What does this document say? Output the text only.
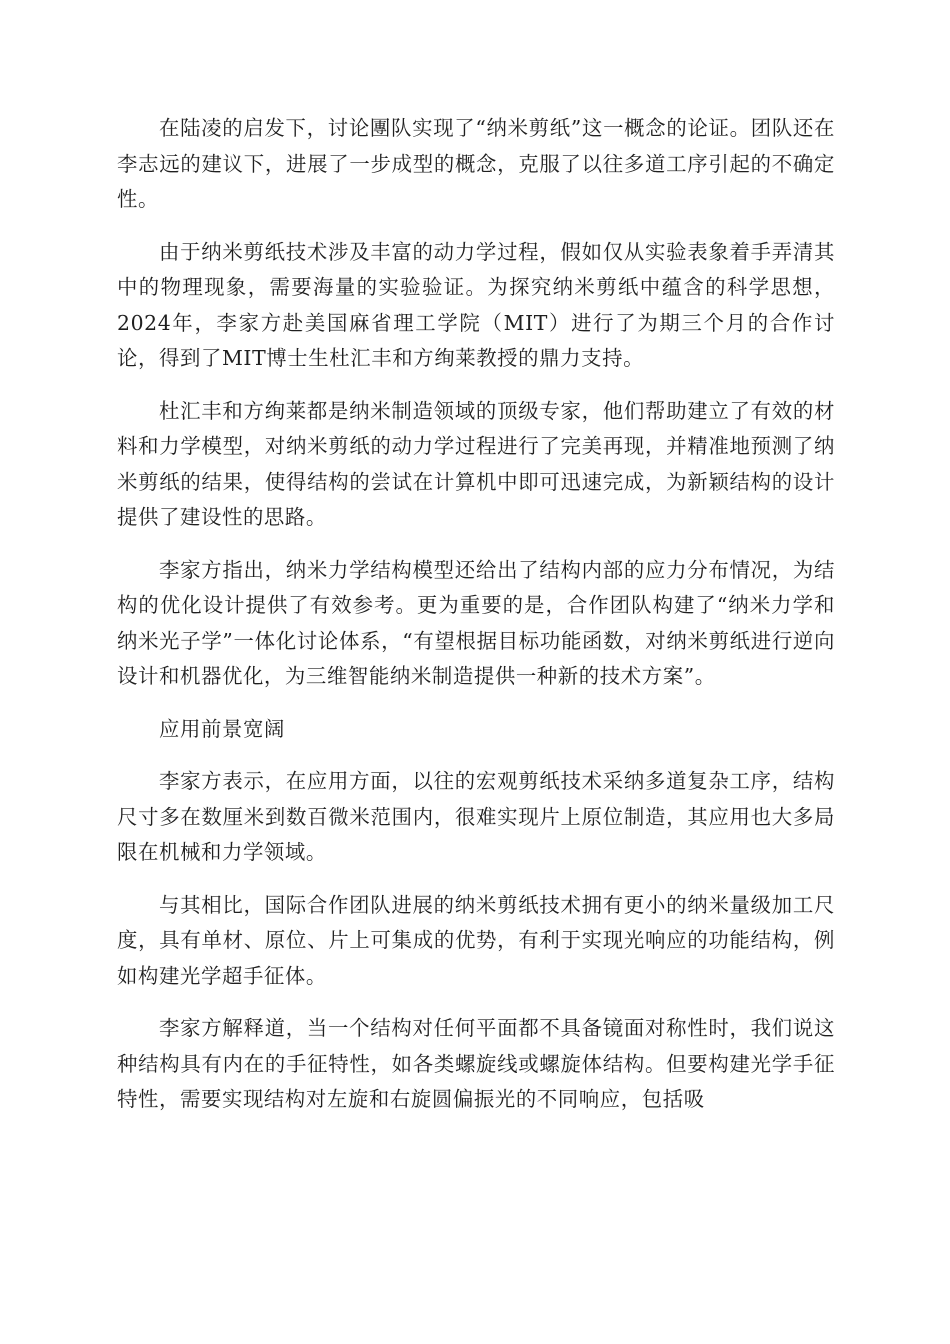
在陆凌的启发下，讨论團队实现了“纳米剪纸”这一概念的论证。团队还在李志远的建议下，进展了一步成型的概念，克服了以往多道工序引起的不确定性。

由于纳米剪纸技术涉及丰富的动力学过程，假如仅从实验表象着手弄清其中的物理现象，需要海量的实验验证。为探究纳米剪纸中蕴含的科学思想，2024年，李家方赴美国麻省理工学院（MIT）进行了为期三个月的合作讨论，得到了MIT博士生杜汇丰和方绚莱教授的鼎力支持。

杜汇丰和方绚莱都是纳米制造领域的顶级专家，他们帮助建立了有效的材料和力学模型，对纳米剪纸的动力学过程进行了完美再现，并精准地预测了纳米剪纸的结果，使得结构的尝试在计算机中即可迅速完成，为新颖结构的设计提供了建设性的思路。

李家方指出，纳米力学结构模型还给出了结构内部的应力分布情况，为结构的优化设计提供了有效参考。更为重要的是，合作团队构建了“纳米力学和纳米光子学”一体化讨论体系，“有望根据目标功能函数，对纳米剪纸进行逆向设计和机器优化，为三维智能纳米制造提供一种新的技术方案”。

应用前景宽阔

李家方表示，在应用方面，以往的宏观剪纸技术采纳多道复杂工序，结构尺寸多在数厘米到数百微米范围内，很难实现片上原位制造，其应用也大多局限在机械和力学领域。

与其相比，国际合作团队进展的纳米剪纸技术拥有更小的纳米量级加工尺度，具有单材、原位、片上可集成的优势，有利于实现光响应的功能结构，例如构建光学超手征体。

李家方解释道，当一个结构对任何平面都不具备镜面对称性时，我们说这种结构具有内在的手征特性，如各类螺旋线或螺旋体结构。但要构建光学手征特性，需要实现结构对左旋和右旋圆偏振光的不同响应，包括吸
